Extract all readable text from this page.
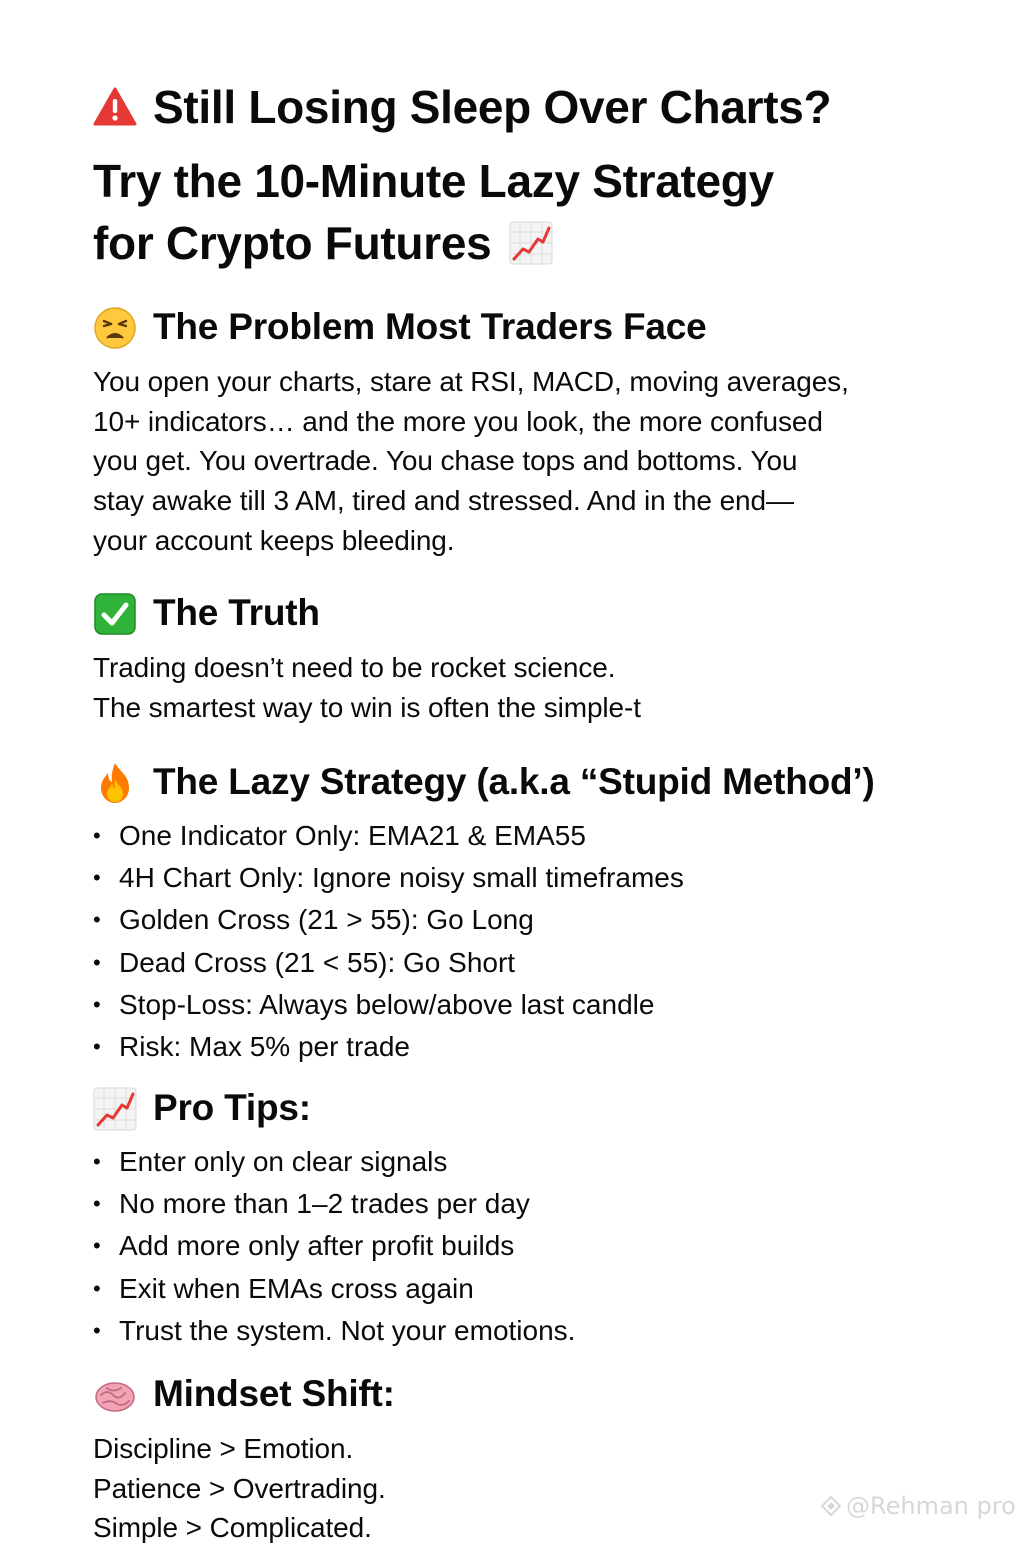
Still Losing Sleep Over Charts?
Try the 10-Minute Lazy Strategy
for Crypto Futures
The Problem Most Traders Face
You open your charts, stare at RSI, MACD, moving averages,
10+ indicators… and the more you look, the more confused
you get. You overtrade. You chase tops and bottoms. You
stay awake till 3 AM, tired and stressed. And in the end—
your account keeps bleeding.
The Truth
Trading doesn’t need to be rocket science.
The smartest way to win is often the simple‑t
The Lazy Strategy (a.k.a “Stupid Method’)
• One Indicator Only: EMA21 & EMA55
• 4H Chart Only: Ignore noisy small timeframes
• Golden Cross (21 > 55): Go Long
• Dead Cross (21 < 55): Go Short
• Stop-Loss: Always below/above last candle
• Risk: Max 5% per trade
Pro Tips:
• Enter only on clear signals
• No more than 1–2 trades per day
• Add more only after profit builds
• Exit when EMAs cross again
• Trust the system. Not your emotions.
Mindset Shift:
Discipline > Emotion.
Patience > Overtrading.
Simple > Complicated.
@Rehman pro
